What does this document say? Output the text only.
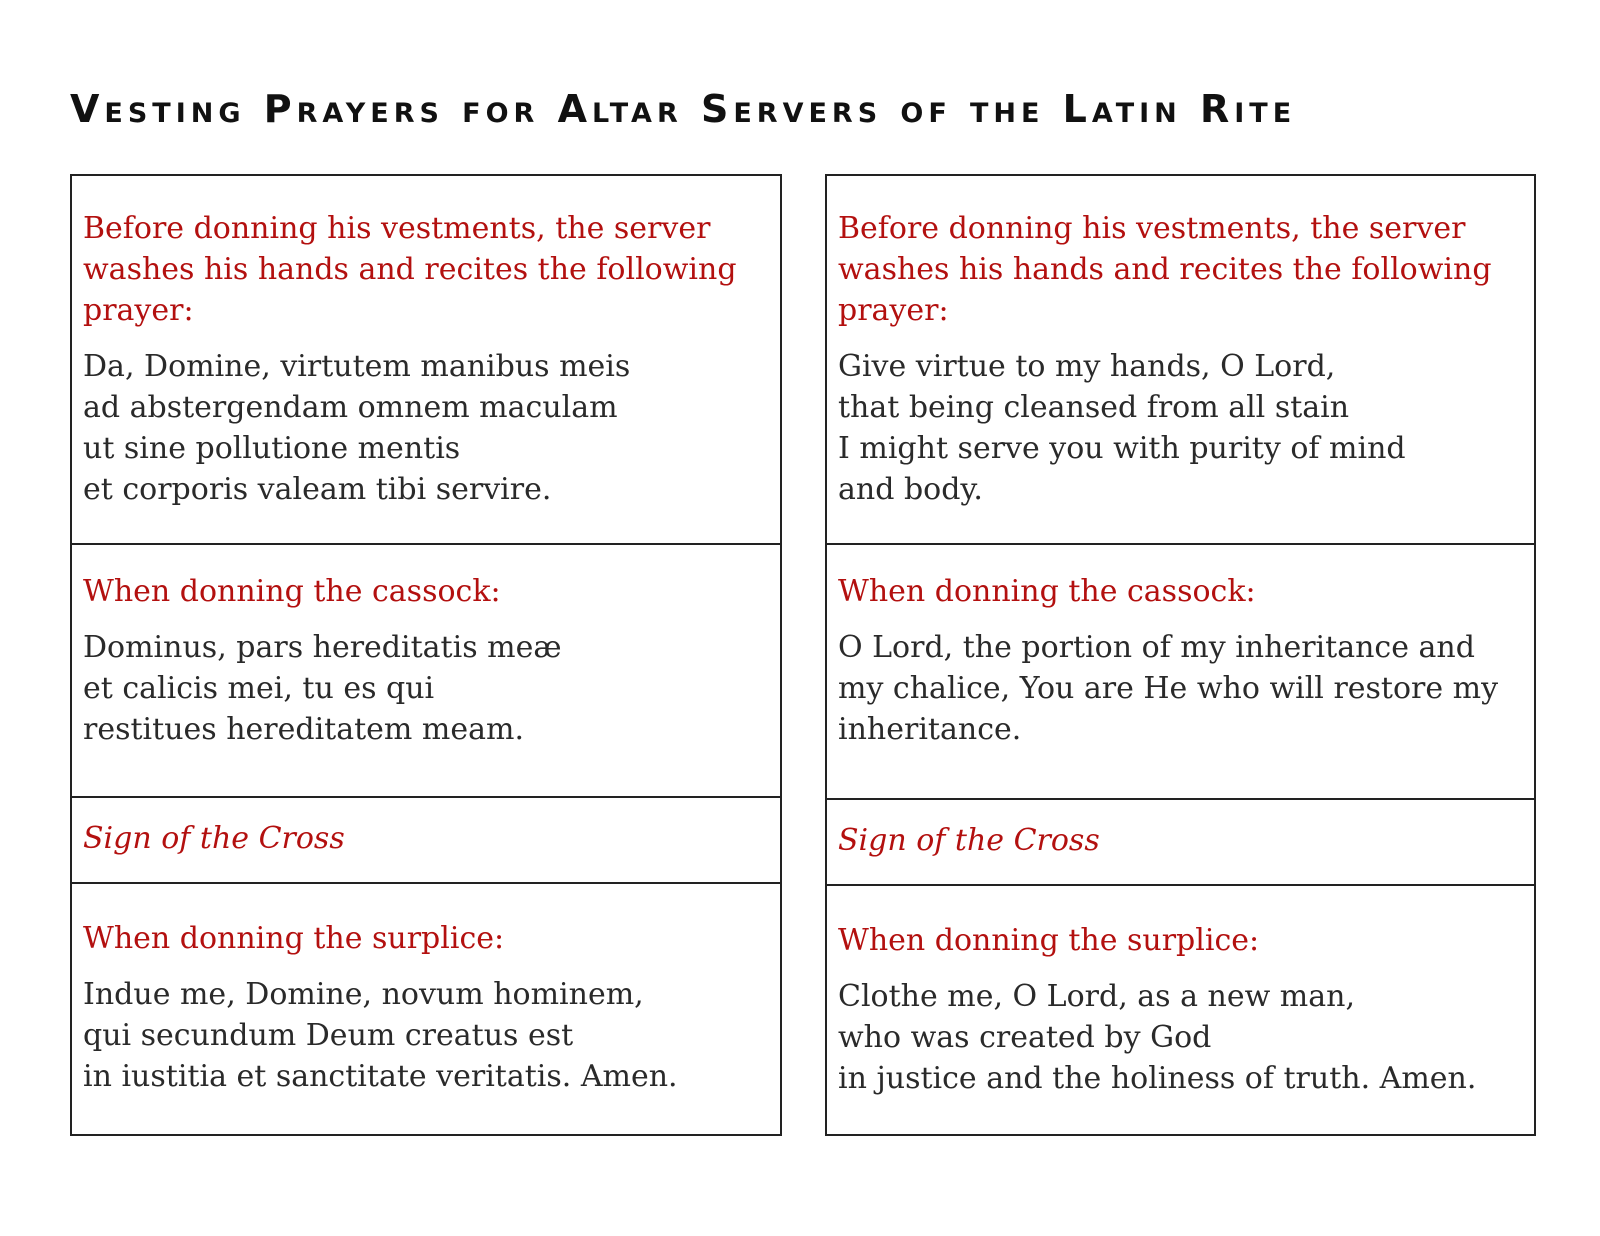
Vesting Prayers for Altar Servers of the Latin Rite

Before donning his vestments, the server
washes his hands and recites the following
prayer:

Da, Domine, virtutem manibus meis
ad abstergendam omnem maculam
ut sine pollutione mentis
et corporis valeam tibi servire.

When donning the cassock:

Dominus, pars hereditatis meæ
et calicis mei, tu es qui
restitues hereditatem meam.

Sign of the Cross

When donning the surplice:

Indue me, Domine, novum hominem,
qui secundum Deum creatus est
in iustitia et sanctitate veritatis. Amen.

Before donning his vestments, the server
washes his hands and recites the following
prayer:

Give virtue to my hands, O Lord,
that being cleansed from all stain
I might serve you with purity of mind
and body.

When donning the cassock:

O Lord, the portion of my inheritance and
my chalice, You are He who will restore my
inheritance.

Sign of the Cross

When donning the surplice:

Clothe me, O Lord, as a new man,
who was created by God
in justice and the holiness of truth. Amen.
